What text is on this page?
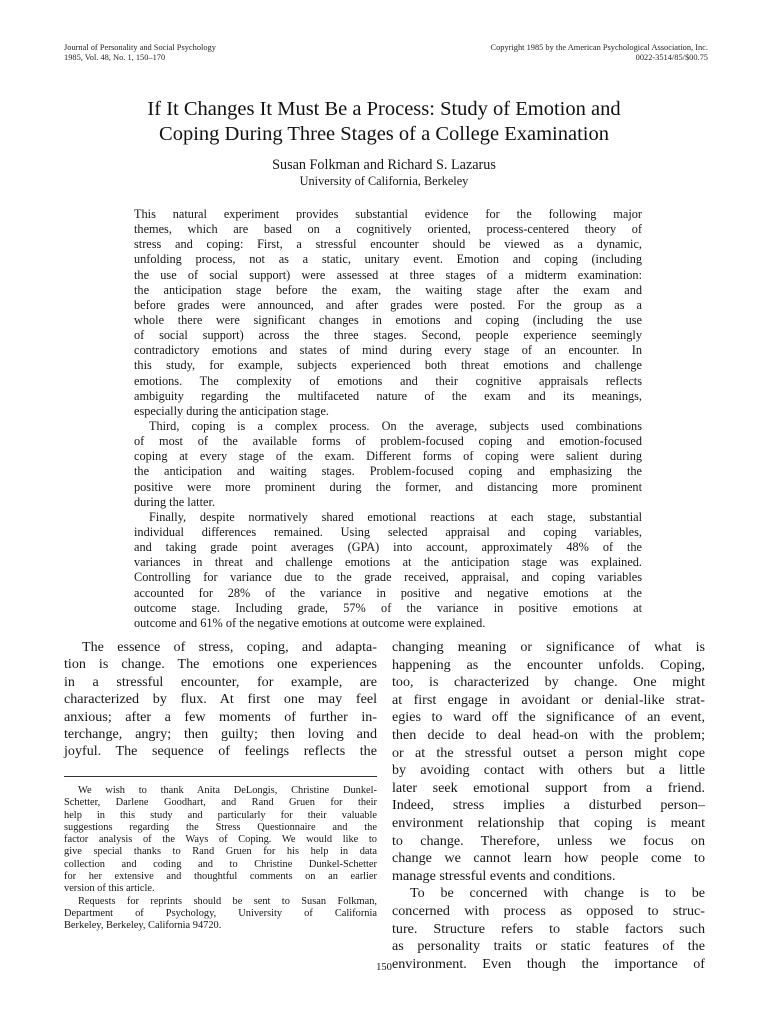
Journal of Personality and Social Psychology
1985, Vol. 48, No. 1, 150–170
Copyright 1985 by the American Psychological Association, Inc.
0022-3514/85/$00.75
If It Changes It Must Be a Process: Study of Emotion and
Coping During Three Stages of a College Examination
Susan Folkman and Richard S. Lazarus
University of California, Berkeley
This natural experiment provides substantial evidence for the following major
themes, which are based on a cognitively oriented, process-centered theory of
stress and coping: First, a stressful encounter should be viewed as a dynamic,
unfolding process, not as a static, unitary event. Emotion and coping (including
the use of social support) were assessed at three stages of a midterm examination:
the anticipation stage before the exam, the waiting stage after the exam and
before grades were announced, and after grades were posted. For the group as a
whole there were significant changes in emotions and coping (including the use
of social support) across the three stages. Second, people experience seemingly
contradictory emotions and states of mind during every stage of an encounter. In
this study, for example, subjects experienced both threat emotions and challenge
emotions. The complexity of emotions and their cognitive appraisals reflects
ambiguity regarding the multifaceted nature of the exam and its meanings,
especially during the anticipation stage.
Third, coping is a complex process. On the average, subjects used combinations
of most of the available forms of problem-focused coping and emotion-focused
coping at every stage of the exam. Different forms of coping were salient during
the anticipation and waiting stages. Problem-focused coping and emphasizing the
positive were more prominent during the former, and distancing more prominent
during the latter.
Finally, despite normatively shared emotional reactions at each stage, substantial
individual differences remained. Using selected appraisal and coping variables,
and taking grade point averages (GPA) into account, approximately 48% of the
variances in threat and challenge emotions at the anticipation stage was explained.
Controlling for variance due to the grade received, appraisal, and coping variables
accounted for 28% of the variance in positive and negative emotions at the
outcome stage. Including grade, 57% of the variance in positive emotions at
outcome and 61% of the negative emotions at outcome were explained.
The essence of stress, coping, and adapta-
tion is change. The emotions one experiences
in a stressful encounter, for example, are
characterized by flux. At first one may feel
anxious; after a few moments of further in-
terchange, angry; then guilty; then loving and
joyful. The sequence of feelings reflects the
We wish to thank Anita DeLongis, Christine Dunkel-
Schetter, Darlene Goodhart, and Rand Gruen for their
help in this study and particularly for their valuable
suggestions regarding the Stress Questionnaire and the
factor analysis of the Ways of Coping. We would like to
give special thanks to Rand Gruen for his help in data
collection and coding and to Christine Dunkel-Schetter
for her extensive and thoughtful comments on an earlier
version of this article.
Requests for reprints should be sent to Susan Folkman,
Department of Psychology, University of California
Berkeley, Berkeley, California 94720.
changing meaning or significance of what is
happening as the encounter unfolds. Coping,
too, is characterized by change. One might
at first engage in avoidant or denial-like strat-
egies to ward off the significance of an event,
then decide to deal head-on with the problem;
or at the stressful outset a person might cope
by avoiding contact with others but a little
later seek emotional support from a friend.
Indeed, stress implies a disturbed person–
environment relationship that coping is meant
to change. Therefore, unless we focus on
change we cannot learn how people come to
manage stressful events and conditions.
To be concerned with change is to be
concerned with process as opposed to struc-
ture. Structure refers to stable factors such
as personality traits or static features of the
environment. Even though the importance of
150
